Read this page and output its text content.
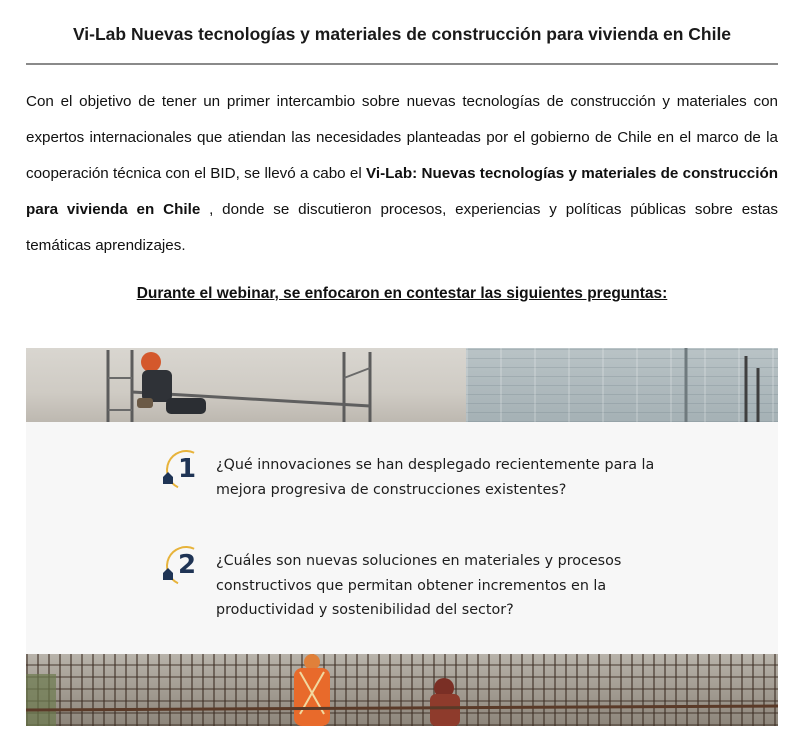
Vi-Lab Nuevas tecnologías y materiales de construcción para vivienda en Chile

Con el objetivo de tener un primer intercambio sobre nuevas tecnologías de construcción y materiales con expertos internacionales que atiendan las necesidades planteadas por el gobierno de Chile en el marco de la cooperación técnica con el BID, se llevó a cabo el Vi-Lab: Nuevas tecnologías y materiales de construcción para vivienda en Chile , donde se discutieron procesos, experiencias y políticas públicas sobre estas temáticas aprendizajes.

Durante el webinar, se enfocaron en contestar las siguientes preguntas:
1 ¿Qué innovaciones se han desplegado recientemente para la mejora progresiva de construcciones existentes?
2 ¿Cuáles son nuevas soluciones en materiales y procesos constructivos que permitan obtener incrementos en la productividad y sostenibilidad del sector?
